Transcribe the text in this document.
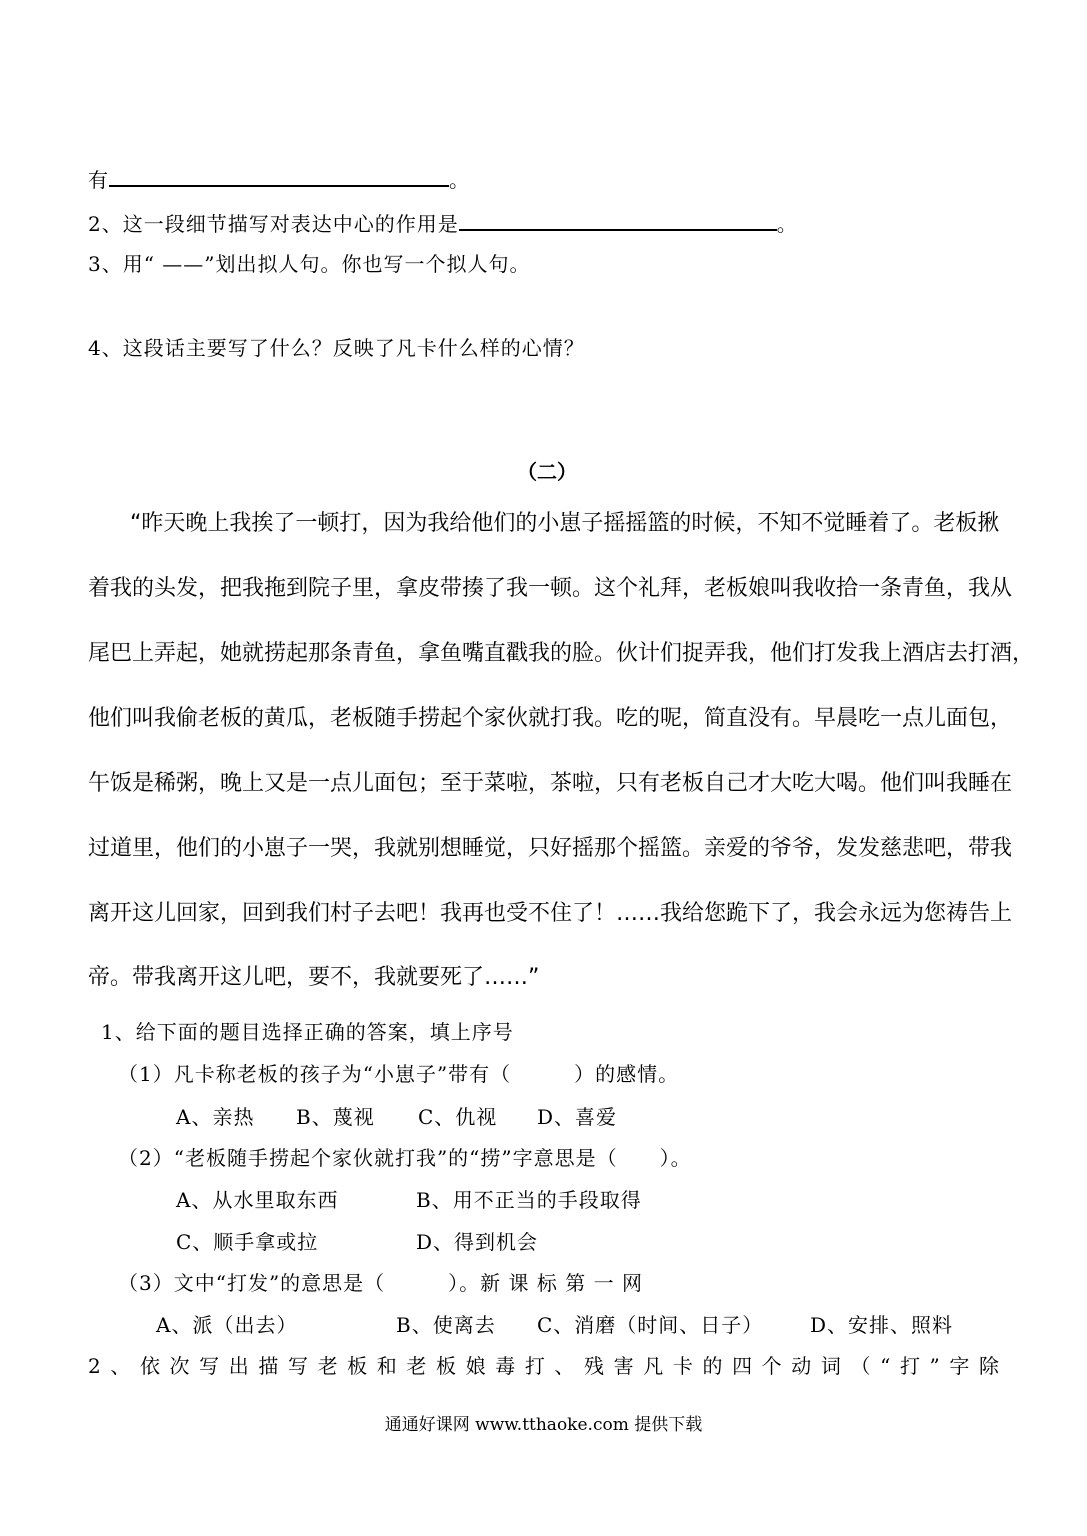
有	。
2、这一段细节描写对表达中心的作用是	。
3、用“ ——”划出拟人句。你也写一个拟人句。
4、这段话主要写了什么？反映了凡卡什么样的心情？
（二）
“昨天晚上我挨了一顿打，因为我给他们的小崽子摇摇篮的时候，不知不觉睡着了。老板揪
着我的头发，把我拖到院子里，拿皮带揍了我一顿。这个礼拜，老板娘叫我收拾一条青鱼，我从
尾巴上弄起，她就捞起那条青鱼，拿鱼嘴直戳我的脸。伙计们捉弄我，他们打发我上酒店去打酒，
他们叫我偷老板的黄瓜，老板随手捞起个家伙就打我。吃的呢，简直没有。早晨吃一点儿面包，
午饭是稀粥，晚上又是一点儿面包；至于菜啦，茶啦，只有老板自己才大吃大喝。他们叫我睡在
过道里，他们的小崽子一哭，我就别想睡觉，只好摇那个摇篮。亲爱的爷爷，发发慈悲吧，带我
离开这儿回家，回到我们村子去吧！我再也受不住了！……我给您跪下了，我会永远为您祷告上
帝。带我离开这儿吧，要不，我就要死了……”
1、给下面的题目选择正确的答案，填上序号
（1）凡卡称老板的孩子为“小崽子”带有（　　　）的感情。
A、亲热 B、蔑视 C、仇视 D、喜爱
（2）“老板随手捞起个家伙就打我”的“捞”字意思是（　　）。
A、从水里取东西	B、用不正当的手段取得
C、顺手拿或拉	D、得到机会
（3）文中“打发”的意思是（　　　）。新 课 标 第 一 网
A、派（出去）	B、使离去 C、消磨（时间、日子） D、安排、照料
2、依次写出描写老板和老板娘毒打、残害凡卡的四个动词（“打”字除
通通好课网 www.tthaoke.com 提供下载
